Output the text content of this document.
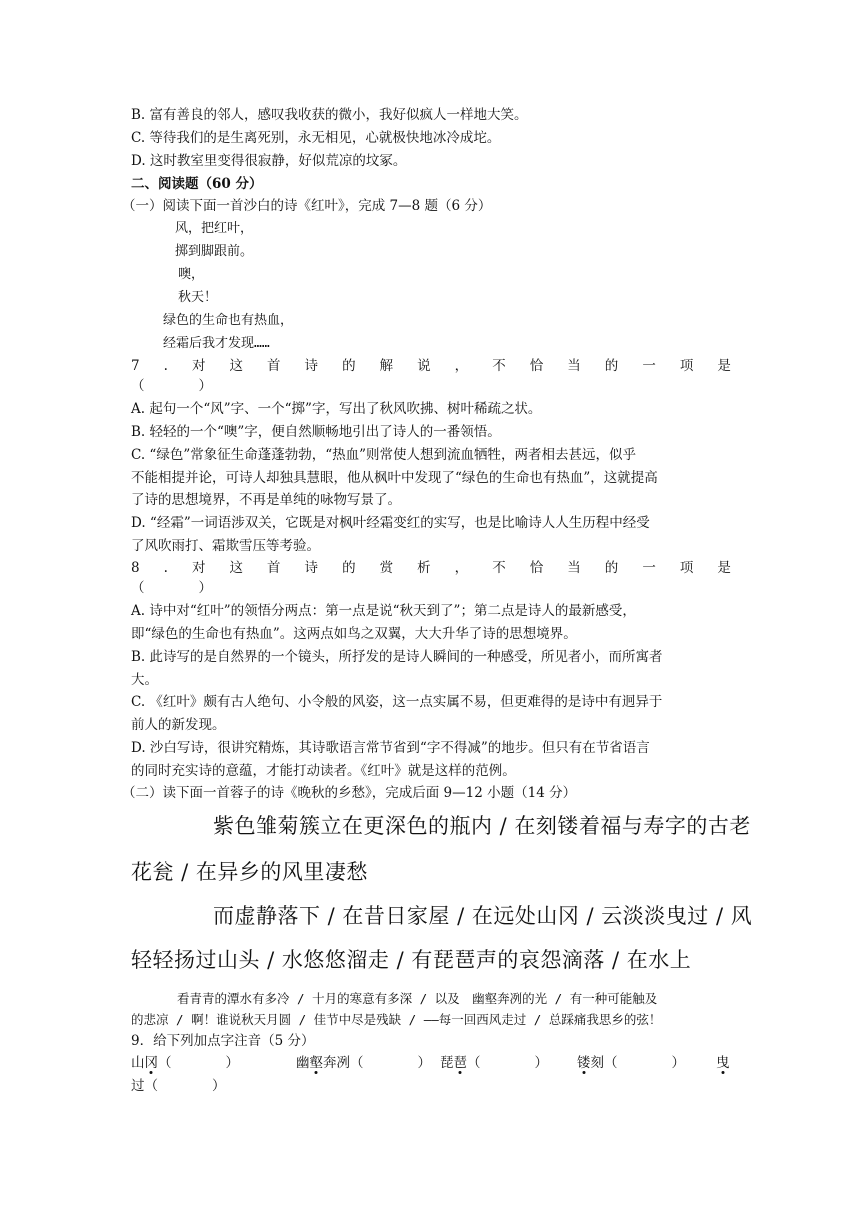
B. 富有善良的邻人，感叹我收获的微小，我好似疯人一样地大笑。
C. 等待我们的是生离死别，永无相见，心就极快地冰冷成坨。
D. 这时教室里变得很寂静，好似荒凉的坟冢。
二、阅读题（60 分）
（一）阅读下面一首沙白的诗《红叶》，完成 7—8 题（6 分）
风，把红叶，
掷到脚跟前。
噢，
秋天！
绿色的生命也有热血，
经霜后我才发现……
7 . 对 这 首 诗 的 解 说 ， 不 恰 当 的 一 项 是
（　　　　）
A. 起句一个“风”字、一个“掷”字，写出了秋风吹拂、树叶稀疏之状。
B. 轻轻的一个“噢”字，便自然顺畅地引出了诗人的一番领悟。
C. “绿色”常象征生命蓬蓬勃勃，“热血”则常使人想到流血牺牲，两者相去甚远，似乎
不能相提并论，可诗人却独具慧眼，他从枫叶中发现了“绿色的生命也有热血”，这就提高
了诗的思想境界，不再是单纯的咏物写景了。
D. “经霜”一词语涉双关，它既是对枫叶经霜变红的实写，也是比喻诗人人生历程中经受
了风吹雨打、霜欺雪压等考验。
8 . 对 这 首 诗 的 赏 析 ， 不 恰 当 的 一 项 是
（　　　　）
A. 诗中对“红叶”的领悟分两点：第一点是说“秋天到了”；第二点是诗人的最新感受，
即“绿色的生命也有热血”。这两点如鸟之双翼，大大升华了诗的思想境界。
B. 此诗写的是自然界的一个镜头，所抒发的是诗人瞬间的一种感受，所见者小，而所寓者
大。
C. 《红叶》颇有古人绝句、小令般的风姿，这一点实属不易，但更难得的是诗中有迥异于
前人的新发现。
D. 沙白写诗，很讲究精炼，其诗歌语言常节省到“字不得减”的地步。但只有在节省语言
的同时充实诗的意蕴，才能打动读者。《红叶》就是这样的范例。
（二）读下面一首蓉子的诗《晚秋的乡愁》，完成后面 9—12 小题（14 分）
紫色雏菊簇立在更深色的瓶内 / 在刻镂着福与寿字的古老
花瓮 / 在异乡的风里凄愁
而虚静落下 / 在昔日家屋 / 在远处山冈 / 云淡淡曳过 / 风
轻轻扬过山头 / 水悠悠溜走 / 有琵琶声的哀怨滴落 / 在水上
看青青的潭水有多冷 / 十月的寒意有多深 / 以及　幽壑奔冽的光 / 有一种可能触及
的悲凉 / 啊！谁说秋天月圆 / 佳节中尽是残缺 / ——每一回西风走过 / 总踩痛我思乡的弦！
9．给下列加点字注音（5 分）
山冈（　　　　）	幽壑奔冽（　　　　） 琵琶（　　　　） 镂刻（　　　　） 曳
过（　　　　）
